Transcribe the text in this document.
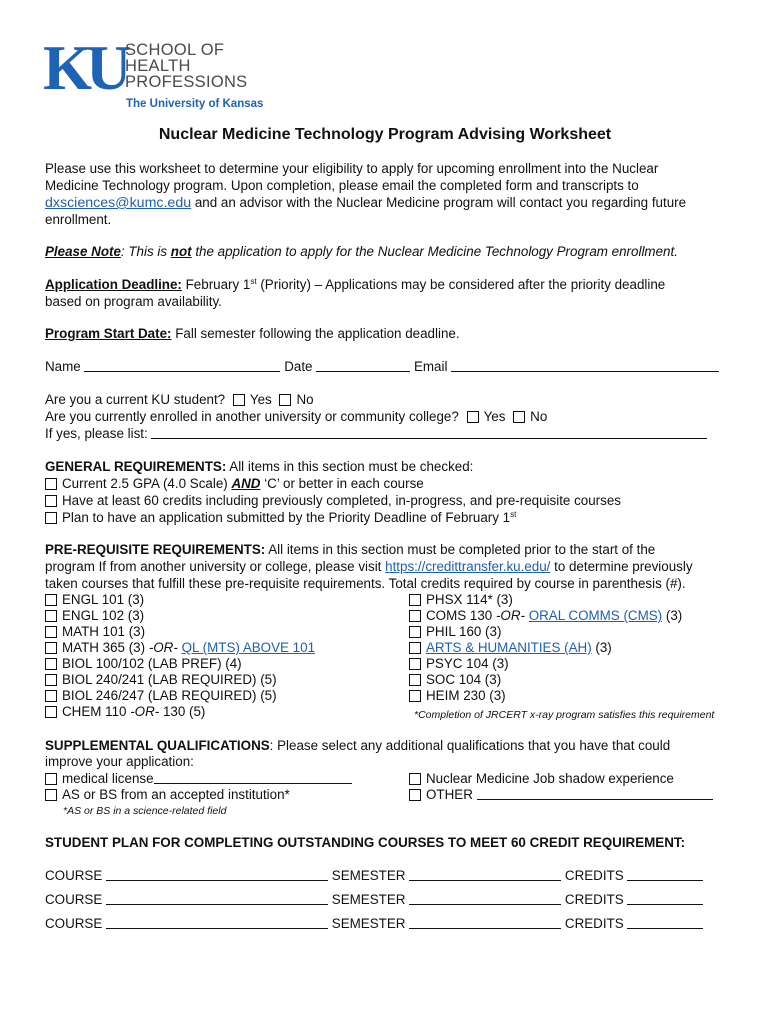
KU SCHOOL OF
HEALTH
PROFESSIONS
The University of Kansas
Nuclear Medicine Technology Program Advising Worksheet
Please use this worksheet to determine your eligibility to apply for upcoming enrollment into the Nuclear
Medicine Technology program. Upon completion, please email the completed form and transcripts to
dxsciences@kumc.edu and an advisor with the Nuclear Medicine program will contact you regarding future
enrollment.
Please Note: This is not the application to apply for the Nuclear Medicine Technology Program enrollment.
Application Deadline: February 1st (Priority) – Applications may be considered after the priority deadline
based on program availability.
Program Start Date: Fall semester following the application deadline.
Name	Date	Email
Are you a current KU student? Yes No
Are you currently enrolled in another university or community college? Yes No
If yes, please list:
GENERAL REQUIREMENTS: All items in this section must be checked:
Current 2.5 GPA (4.0 Scale) AND ‘C’ or better in each course
Have at least 60 credits including previously completed, in-progress, and pre-requisite courses
Plan to have an application submitted by the Priority Deadline of February 1st
PRE-REQUISITE REQUIREMENTS: All items in this section must be completed prior to the start of the
program If from another university or college, please visit https://credittransfer.ku.edu/ to determine previously
taken courses that fulfill these pre-requisite requirements. Total credits required by course in parenthesis (#).
ENGL 101 (3)
ENGL 102 (3)
MATH 101 (3)
MATH 365 (3) -OR- QL (MTS) ABOVE 101
BIOL 100/102 (LAB PREF) (4)
BIOL 240/241 (LAB REQUIRED) (5)
BIOL 246/247 (LAB REQUIRED) (5)
CHEM 110 -OR- 130 (5)
PHSX 114* (3)
COMS 130 -OR- ORAL COMMS (CMS) (3)
PHIL 160 (3)
ARTS & HUMANITIES (AH) (3)
PSYC 104 (3)
SOC 104 (3)
HEIM 230 (3)
*Completion of JRCERT x-ray program satisfies this requirement
SUPPLEMENTAL QUALIFICATIONS: Please select any additional qualifications that you have that could
improve your application:
medical license
AS or BS from an accepted institution*
*AS or BS in a science-related field
Nuclear Medicine Job shadow experience
OTHER
STUDENT PLAN FOR COMPLETING OUTSTANDING COURSES TO MEET 60 CREDIT REQUIREMENT:
COURSE	SEMESTER	CREDITS
COURSE	SEMESTER	CREDITS
COURSE	SEMESTER	CREDITS
